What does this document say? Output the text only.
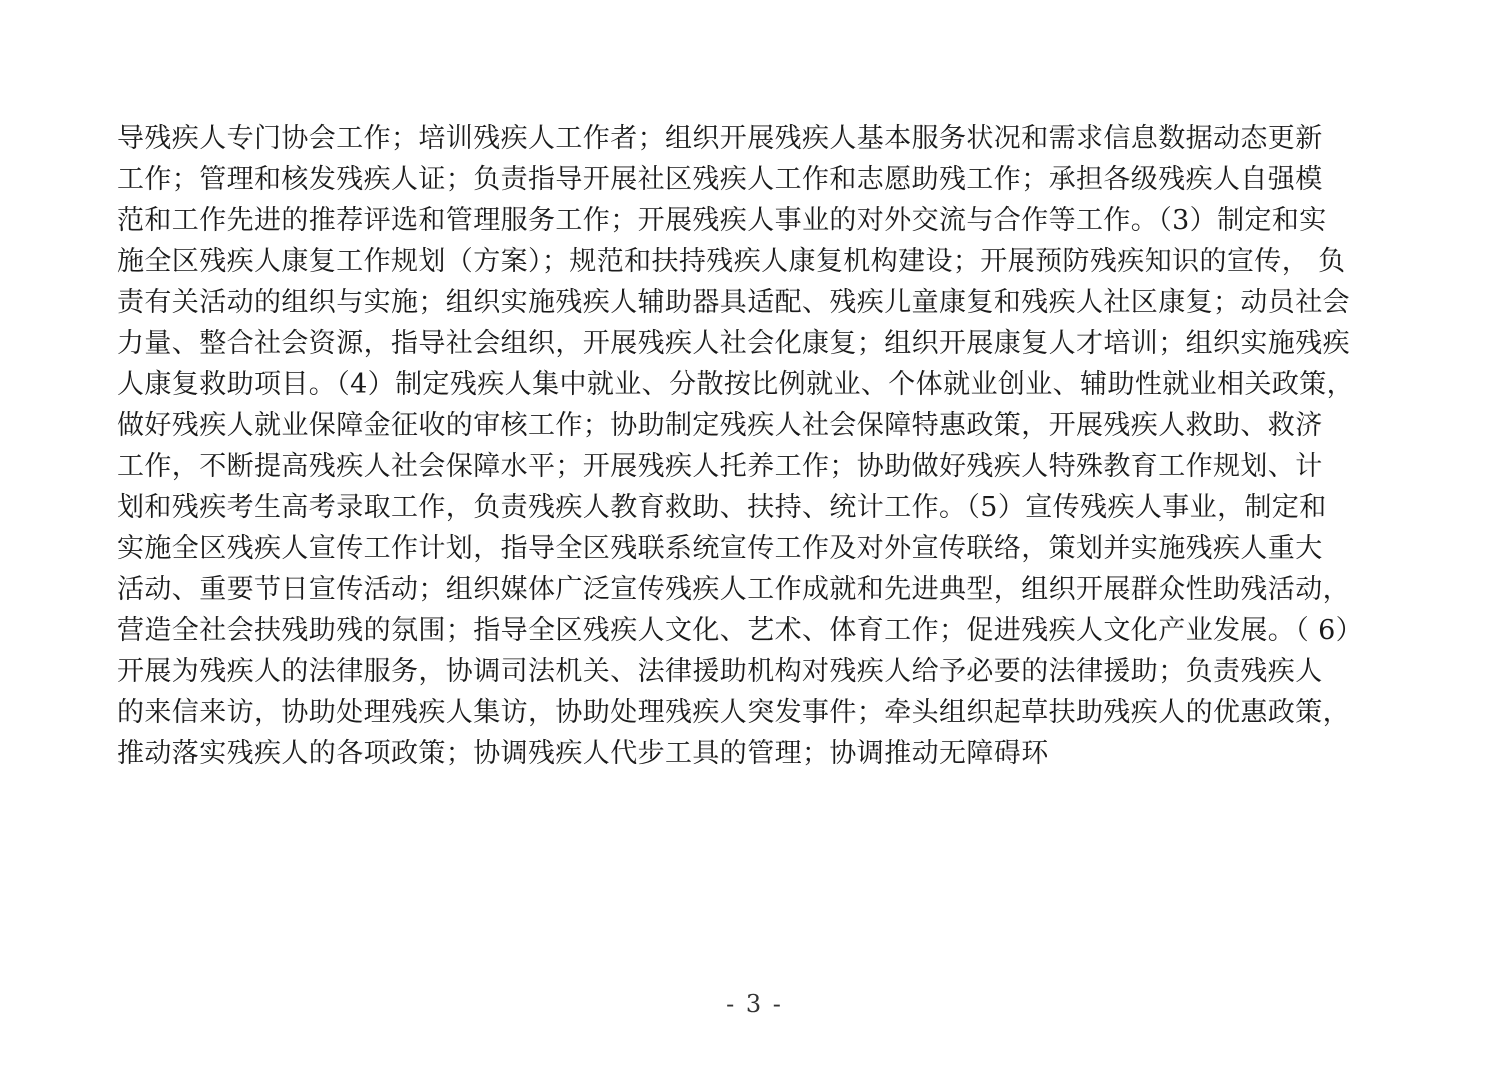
导残疾人专门协会工作；培训残疾人工作者；组织开展残疾人基本服务状况和需求信息数据动态更新
工作；管理和核发残疾人证；负责指导开展社区残疾人工作和志愿助残工作；承担各级残疾人自强模
范和工作先进的推荐评选和管理服务工作；开展残疾人事业的对外交流与合作等工作。（3）制定和实
施全区残疾人康复工作规划（方案）；规范和扶持残疾人康复机构建设；开展预防残疾知识的宣传， 负
责有关活动的组织与实施；组织实施残疾人辅助器具适配、残疾儿童康复和残疾人社区康复；动员社会
力量、整合社会资源，指导社会组织，开展残疾人社会化康复；组织开展康复人才培训；组织实施残疾
人康复救助项目。（4）制定残疾人集中就业、分散按比例就业、个体就业创业、辅助性就业相关政策，
做好残疾人就业保障金征收的审核工作；协助制定残疾人社会保障特惠政策，开展残疾人救助、救济
工作，不断提高残疾人社会保障水平；开展残疾人托养工作；协助做好残疾人特殊教育工作规划、计
划和残疾考生高考录取工作，负责残疾人教育救助、扶持、统计工作。（5）宣传残疾人事业，制定和
实施全区残疾人宣传工作计划，指导全区残联系统宣传工作及对外宣传联络，策划并实施残疾人重大
活动、重要节日宣传活动；组织媒体广泛宣传残疾人工作成就和先进典型，组织开展群众性助残活动，
营造全社会扶残助残的氛围；指导全区残疾人文化、艺术、体育工作；促进残疾人文化产业发展。（ 6）
开展为残疾人的法律服务，协调司法机关、法律援助机构对残疾人给予必要的法律援助；负责残疾人
的来信来访，协助处理残疾人集访，协助处理残疾人突发事件；牵头组织起草扶助残疾人的优惠政策，
推动落实残疾人的各项政策；协调残疾人代步工具的管理；协调推动无障碍环
- 3 -
